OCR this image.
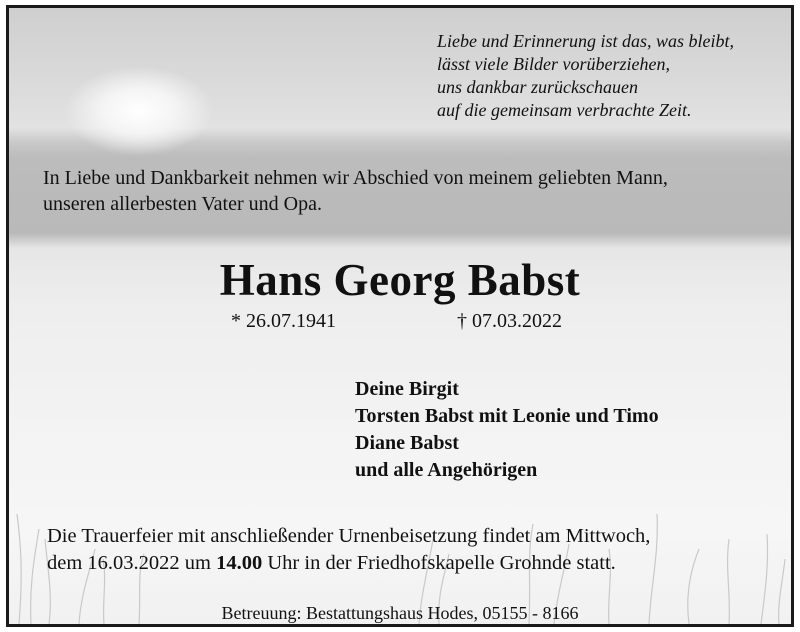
Liebe und Erinnerung ist das, was bleibt,
lässt viele Bilder vorüberziehen,
uns dankbar zurückschauen
auf die gemeinsam verbrachte Zeit.
In Liebe und Dankbarkeit nehmen wir Abschied von meinem geliebten Mann,
unseren allerbesten Vater und Opa.
Hans Georg Babst
* 26.07.1941	† 07.03.2022
Deine Birgit
Torsten Babst mit Leonie und Timo
Diane Babst
und alle Angehörigen
Die Trauerfeier mit anschließender Urnenbeisetzung findet am Mittwoch,
dem 16.03.2022 um 14.00 Uhr in der Friedhofskapelle Grohnde statt.
Betreuung: Bestattungshaus Hodes, 05155 - 8166
